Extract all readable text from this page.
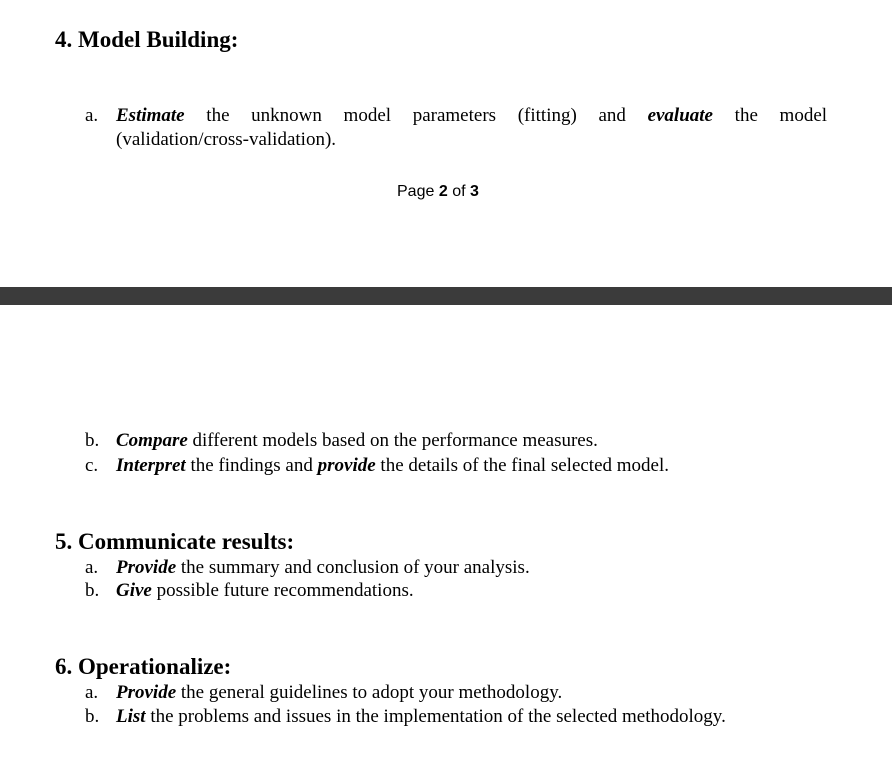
4. Model Building:
a. Estimate the unknown model parameters (fitting) and evaluate the model
(validation/cross-validation).
Page 2 of 3
b. Compare different models based on the performance measures.
c. Interpret the findings and provide the details of the final selected model.
5. Communicate results:
a. Provide the summary and conclusion of your analysis.
b. Give possible future recommendations.
6. Operationalize:
a. Provide the general guidelines to adopt your methodology.
b. List the problems and issues in the implementation of the selected methodology.
